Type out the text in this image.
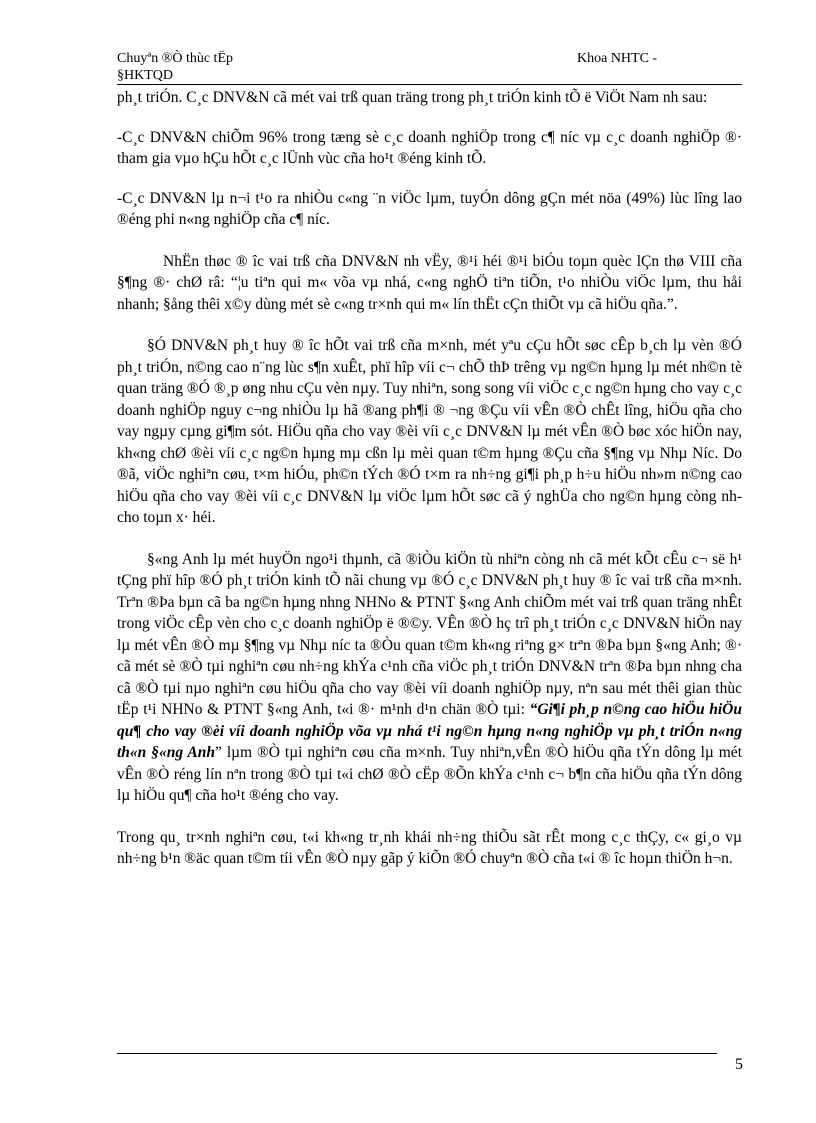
Chuyªn ®Ò thùc tËp
§HKTQD
Khoa NHTC -

ph¸t triÓn. C¸c DNV&N cã mét vai trß quan träng trong ph¸t triÓn kinh tÕ ë ViÖt Nam nh sau:

-C¸c DNV&N chiÕm 96% trong tæng sè c¸c doanh nghiÖp trong c¶ níc vµ c¸c doanh nghiÖp ®· tham gia vµo hÇu hÕt c¸c lÜnh vùc cña ho¹t ®éng kinh tÕ.

-C¸c DNV&N lµ n¬i t¹o ra nhiÒu c«ng ¨n viÖc lµm, tuyÓn dông gÇn mét nöa (49%) lùc lîng lao ®éng phi n«ng nghiÖp cña c¶ níc.

NhËn thøc ® îc vai trß cña DNV&N nh vËy, ®¹i héi ®¹i biÓu toµn quèc lÇn thø VIII cña §¶ng ®· chØ râ: “¦u tiªn qui m« võa vµ nhá, c«ng nghÖ tiªn tiÕn, t¹o nhiÒu viÖc lµm, thu håi nhanh; §ång thêi x©y dùng mét sè c«ng tr×nh qui m« lín thËt cÇn thiÕt vµ cã hiÖu qña.”.

§Ó DNV&N ph¸t huy ® îc hÕt vai trß cña m×nh, mét yªu cÇu hÕt søc cÊp b¸ch lµ vèn ®Ó ph¸t triÓn, n©ng cao n¨ng lùc s¶n xuÊt, phï hîp víi c¬ chÕ thÞ trêng vµ ng©n hµng lµ mét nh©n tè quan träng ®Ó ®¸p øng nhu cÇu vèn nµy. Tuy nhiªn, song song víi viÖc c¸c ng©n hµng cho vay c¸c doanh nghiÖp nguy c¬ng nhiÒu lµ hã ®ang ph¶i ® ¬ng ®Çu víi vÊn ®Ò chÊt lîng, hiÖu qña cho vay ngµy cµng gi¶m sót. HiÖu qña cho vay ®èi víi c¸c DNV&N lµ mét vÊn ®Ò bøc xóc hiÖn nay, kh«ng chØ ®èi víi c¸c ng©n hµng mµ cßn lµ mèi quan t©m hµng ®Çu cña §¶ng vµ Nhµ Níc. Do ®ã, viÖc nghiªn cøu, t×m hiÓu, ph©n tÝch ®Ó t×m ra nh÷ng gi¶i ph¸p h÷u hiÖu nh»m n©ng cao hiÖu qña cho vay ®èi víi c¸c DNV&N lµ viÖc lµm hÕt søc cã ý nghÜa cho ng©n hµng còng nh cho toµn x· héi.

§«ng Anh lµ mét huyÖn ngo¹i thµnh, cã ®iÒu kiÖn tù nhiªn còng nh cã mét kÕt cÊu c¬ së h¹ tÇng phï hîp ®Ó ph¸t triÓn kinh tÕ nãi chung vµ ®Ó c¸c DNV&N ph¸t huy ® îc vai trß cña m×nh. Trªn ®Þa bµn cã ba ng©n hµng nhng NHNo & PTNT §«ng Anh chiÕm mét vai trß quan träng nhÊt trong viÖc cÊp vèn cho c¸c doanh nghiÖp ë ®©y. VÊn ®Ò hç trî ph¸t triÓn c¸c DNV&N hiÖn nay lµ mét vÊn ®Ò mµ §¶ng vµ Nhµ níc ta ®Òu quan t©m kh«ng riªng g× trªn ®Þa bµn §«ng Anh; ®· cã mét sè ®Ò tµi nghiªn cøu nh÷ng khÝa c¹nh cña viÖc ph¸t triÓn DNV&N trªn ®Þa bµn nhng cha cã ®Ò tµi nµo nghiªn cøu hiÖu qña cho vay ®èi víi doanh nghiÖp nµy, nªn sau mét thêi gian thùc tËp t¹i NHNo & PTNT §«ng Anh, t«i ®· m¹nh d¹n chän ®Ò tµi: “Gi¶i ph¸p n©ng cao hiÖu hiÖu qu¶ cho vay ®èi víi doanh nghiÖp võa vµ nhá t¹i ng©n hµng n«ng nghiÖp vµ ph¸t triÓn n«ng th«n §«ng Anh” lµm ®Ò tµi nghiªn cøu cña m×nh. Tuy nhiªn,vÊn ®Ò hiÖu qña tÝn dông lµ mét vÊn ®Ò réng lín nªn trong ®Ò tµi t«i chØ ®Ò cËp ®Õn khÝa c¹nh c¬ b¶n cña hiÖu qña tÝn dông lµ hiÖu qu¶ cña ho¹t ®éng cho vay.

Trong qu¸ tr×nh nghiªn cøu, t«i kh«ng tr¸nh khái nh÷ng thiÕu sãt rÊt mong c¸c thÇy, c« gi¸o vµ nh÷ng b¹n ®äc quan t©m tíi vÊn ®Ò nµy gãp ý kiÕn ®Ó chuyªn ®Ò cña t«i ® îc hoµn thiÖn h¬n.

5
